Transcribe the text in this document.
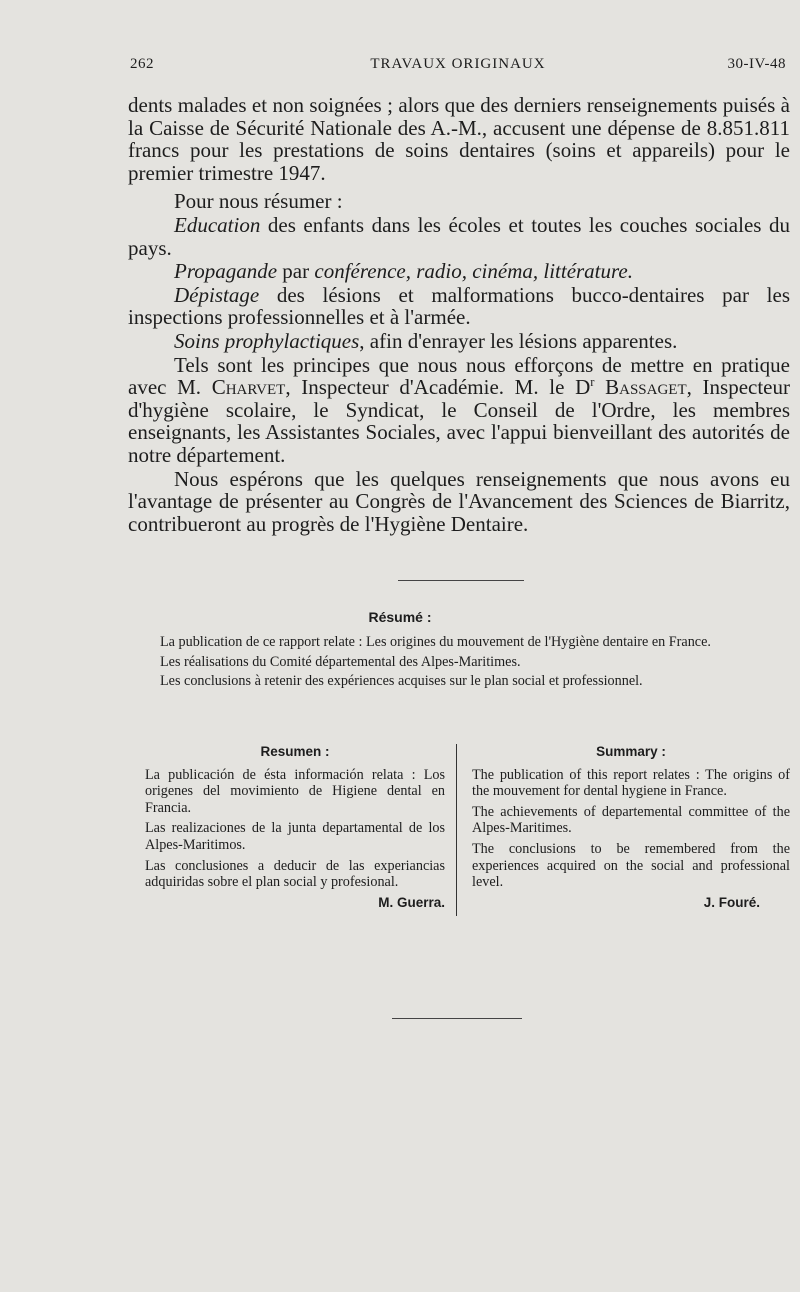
262	TRAVAUX ORIGINAUX	30-IV-48

dents malades et non soignées ; alors que des derniers renseignements puisés à la Caisse de Sécurité Nationale des A.-M., accusent une dépense de 8.851.811 francs pour les prestations de soins dentaires (soins et appareils) pour le premier trimestre 1947.

Pour nous résumer :

Education des enfants dans les écoles et toutes les couches sociales du pays.

Propagande par conférence, radio, cinéma, littérature.

Dépistage des lésions et malformations bucco-dentaires par les inspections professionnelles et à l'armée.

Soins prophylactiques, afin d'enrayer les lésions apparentes.

Tels sont les principes que nous nous efforçons de mettre en pratique avec M. Charvet, Inspecteur d'Académie. M. le $D^r$ Bassaget, Inspecteur d'hygiène scolaire, le Syndicat, le Conseil de l'Ordre, les membres enseignants, les Assistantes Sociales, avec l'appui bienveillant des autorités de notre département.

Nous espérons que les quelques renseignements que nous avons eu l'avantage de présenter au Congrès de l'Avancement des Sciences de Biarritz, contribueront au progrès de l'Hygiène Dentaire.

Résumé :

La publication de ce rapport relate : Les origines du mouvement de l'Hygiène dentaire en France.

Les réalisations du Comité départemental des Alpes-Maritimes.

Les conclusions à retenir des expériences acquises sur le plan social et professionnel.

Resumen :

La publicación de ésta información relata : Los origenes del movimiento de Higiene dental en Francia.

Las realizaciones de la junta departamental de los Alpes-Maritimos.

Las conclusiones a deducir de las experiancias adquiridas sobre el plan social y profesional.

M. Guerra.
Summary :

The publication of this report relates : The origins of the mouvement for dental hygiene in France.

The achievements of departemental committee of the Alpes-Maritimes.

The conclusions to be remembered from the experiences acquired on the social and professional level.

J. Fouré.
